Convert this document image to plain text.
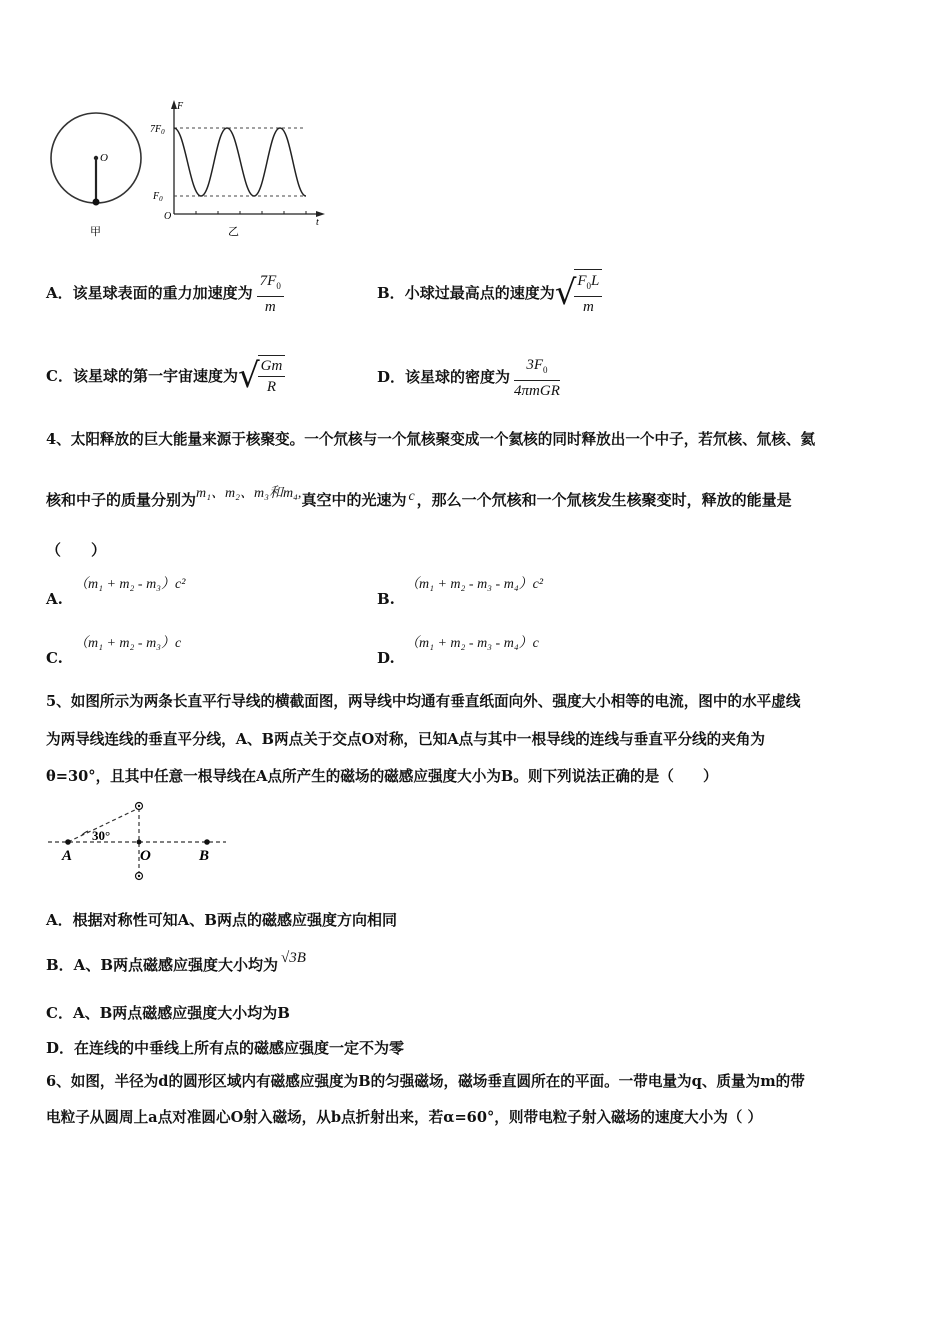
O
甲
F
t
O
$7F_0$
$F_0$
乙
A． 该星球表面的重力加速度为 $\frac{7F_0}{m}$	B． 小球过最高点的速度为 √
$\frac{F_0L}{m}$
C． 该星球的第一宇宙速度为 √
$\frac{Gm}{R}$	D． 该星球的密度为 $\frac{3F_0}{\text{4πmGR}}$
4、太阳释放的巨大能量来源于核聚变。一个氘核与一个氚核聚变成一个氦核的同时释放出一个中子，若氘核、氚核、氦
核和中子的质量分别为m₁、m₂、m₃和m₄,真空中的光速为 c ，那么一个氘核和一个氚核发生核聚变时，释放的能量是
（　　）
A.
（m₁ + m₂ - m₃）c²
B.
（m₁ + m₂ - m₃ - m₄）c²
C.
（m₁ + m₂ - m₃）c
D.
（m₁ + m₂ - m₃ - m₄）c
5、如图所示为两条长直平行导线的横截面图，两导线中均通有垂直纸面向外、强度大小相等的电流，图中的水平虚线
为两导线连线的垂直平分线，A、B两点关于交点O对称，已知A点与其中一根导线的连线与垂直平分线的夹角为
θ=30°，且其中任意一根导线在A点所产生的磁场的磁感应强度大小为B。则下列说法正确的是（　　）
30°
A	O	B
A．根据对称性可知A、B两点的磁感应强度方向相同
B．A、B两点磁感应强度大小均为 √3B
C．A、B两点磁感应强度大小均为B
D．在连线的中垂线上所有点的磁感应强度一定不为零
6、如图，半径为d的圆形区域内有磁感应强度为B的匀强磁场，磁场垂直圆所在的平面。一带电量为q、质量为m的带
电粒子从圆周上a点对准圆心O射入磁场，从b点折射出来，若α=60°，则带电粒子射入磁场的速度大小为（ ）
